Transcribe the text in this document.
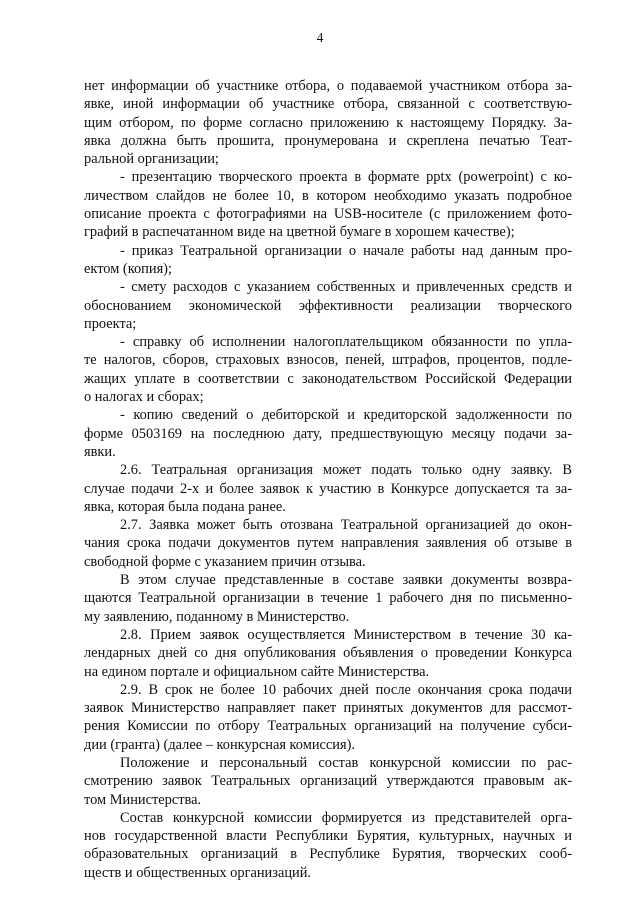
4
нет информации об участнике отбора, о подаваемой участником отбора за-
явке, иной информации об участнике отбора, связанной с соответствую-
щим отбором, по форме согласно приложению к настоящему Порядку. За-
явка должна быть прошита, пронумерована и скреплена печатью Теат-
ральной организации;
- презентацию творческого проекта в формате pptx (powerpoint) с ко-
личеством слайдов не более 10, в котором необходимо указать подробное
описание проекта с фотографиями на USB-носителе (с приложением фото-
графий в распечатанном виде на цветной бумаге в хорошем качестве);
- приказ Театральной организации о начале работы над данным про-
ектом (копия);
- смету расходов с указанием собственных и привлеченных средств и
обоснованием экономической эффективности реализации творческого
проекта;
- справку об исполнении налогоплательщиком обязанности по упла-
те налогов, сборов, страховых взносов, пеней, штрафов, процентов, подле-
жащих уплате в соответствии с законодательством Российской Федерации
о налогах и сборах;
- копию сведений о дебиторской и кредиторской задолженности по
форме 0503169 на последнюю дату, предшествующую месяцу подачи за-
явки.
2.6. Театральная организация может подать только одну заявку. В
случае подачи 2-х и более заявок к участию в Конкурсе допускается та за-
явка, которая была подана ранее.
2.7. Заявка может быть отозвана Театральной организацией до окон-
чания срока подачи документов путем направления заявления об отзыве в
свободной форме с указанием причин отзыва.
В этом случае представленные в составе заявки документы возвра-
щаются Театральной организации в течение 1 рабочего дня по письменно-
му заявлению, поданному в Министерство.
2.8. Прием заявок осуществляется Министерством в течение 30 ка-
лендарных дней со дня опубликования объявления о проведении Конкурса
на едином портале и официальном сайте Министерства.
2.9. В срок не более 10 рабочих дней после окончания срока подачи
заявок Министерство направляет пакет принятых документов для рассмот-
рения Комиссии по отбору Театральных организаций на получение субси-
дии (гранта) (далее – конкурсная комиссия).
Положение и персональный состав конкурсной комиссии по рас-
смотрению заявок Театральных организаций утверждаются правовым ак-
том Министерства.
Состав конкурсной комиссии формируется из представителей орга-
нов государственной власти Республики Бурятия, культурных, научных и
образовательных организаций в Республике Бурятия, творческих сооб-
ществ и общественных организаций.
